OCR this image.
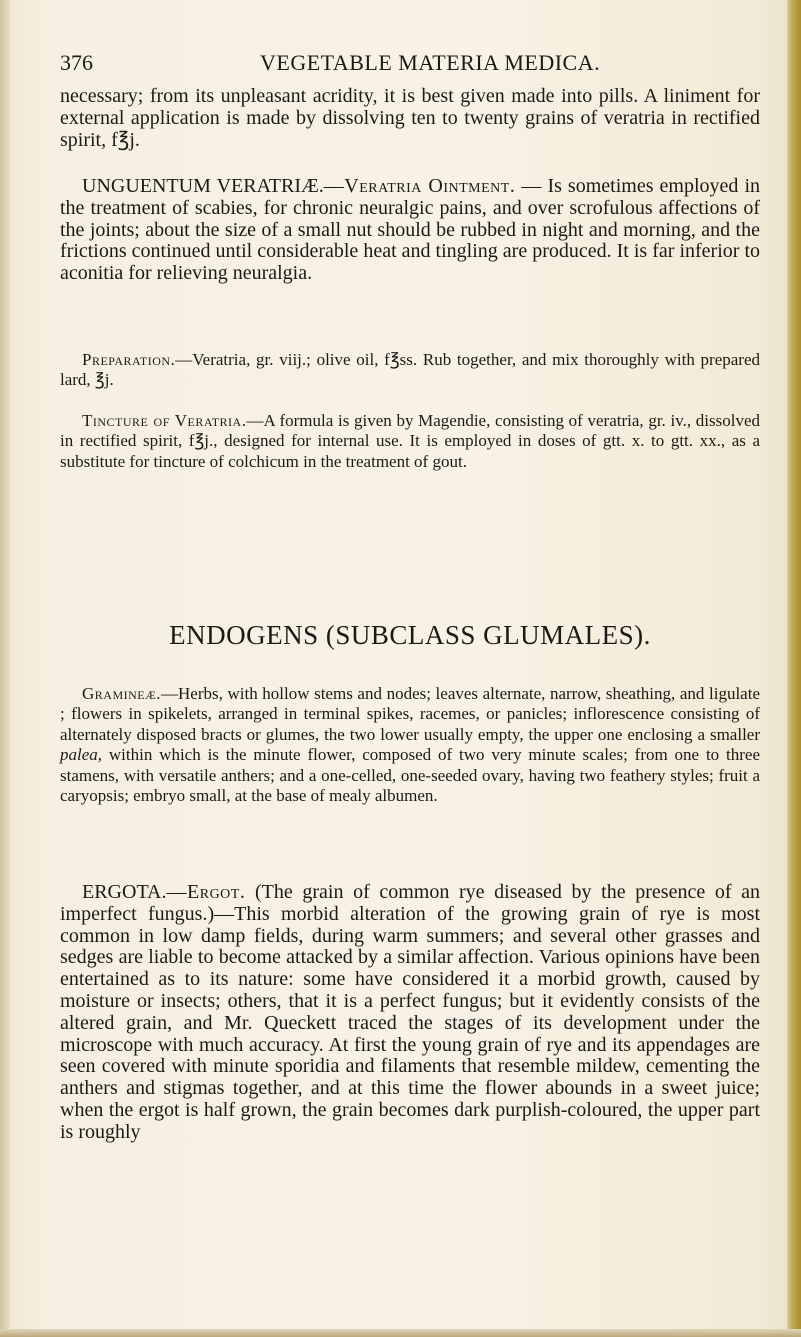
376	VEGETABLE MATERIA MEDICA.

necessary; from its unpleasant acridity, it is best given made into pills. A liniment for external application is made by dissolving ten to twenty grains of veratria in rectified spirit, f℥j.

UNGUENTUM VERATRIÆ.—Veratria Ointment. — Is sometimes employed in the treatment of scabies, for chronic neuralgic pains, and over scrofulous affections of the joints; about the size of a small nut should be rubbed in night and morning, and the frictions continued until considerable heat and tingling are produced. It is far inferior to aconitia for relieving neuralgia.

Preparation.—Veratria, gr. viij.; olive oil, f℥ss. Rub together, and mix thoroughly with prepared lard, ℥j.

Tincture of Veratria.—A formula is given by Magendie, consisting of veratria, gr. iv., dissolved in rectified spirit, f℥j., designed for internal use. It is employed in doses of gtt. x. to gtt. xx., as a substitute for tincture of colchicum in the treatment of gout.

ENDOGENS (SUBCLASS GLUMALES).

Gramineæ.—Herbs, with hollow stems and nodes; leaves alternate, narrow, sheathing, and ligulate ; flowers in spikelets, arranged in terminal spikes, racemes, or panicles; inflorescence consisting of alternately disposed bracts or glumes, the two lower usually empty, the upper one enclosing a smaller palea, within which is the minute flower, composed of two very minute scales; from one to three stamens, with versatile anthers; and a one-celled, one-seeded ovary, having two feathery styles; fruit a caryopsis; embryo small, at the base of mealy albumen.

ERGOTA.—Ergot. (The grain of common rye diseased by the presence of an imperfect fungus.)—This morbid alteration of the growing grain of rye is most common in low damp fields, during warm summers; and several other grasses and sedges are liable to become attacked by a similar affection. Various opinions have been entertained as to its nature: some have considered it a morbid growth, caused by moisture or insects; others, that it is a perfect fungus; but it evidently consists of the altered grain, and Mr. Queckett traced the stages of its development under the microscope with much accuracy. At first the young grain of rye and its appendages are seen covered with minute sporidia and filaments that resemble mildew, cementing the anthers and stigmas together, and at this time the flower abounds in a sweet juice; when the ergot is half grown, the grain becomes dark purplish-coloured, the upper part is roughly
